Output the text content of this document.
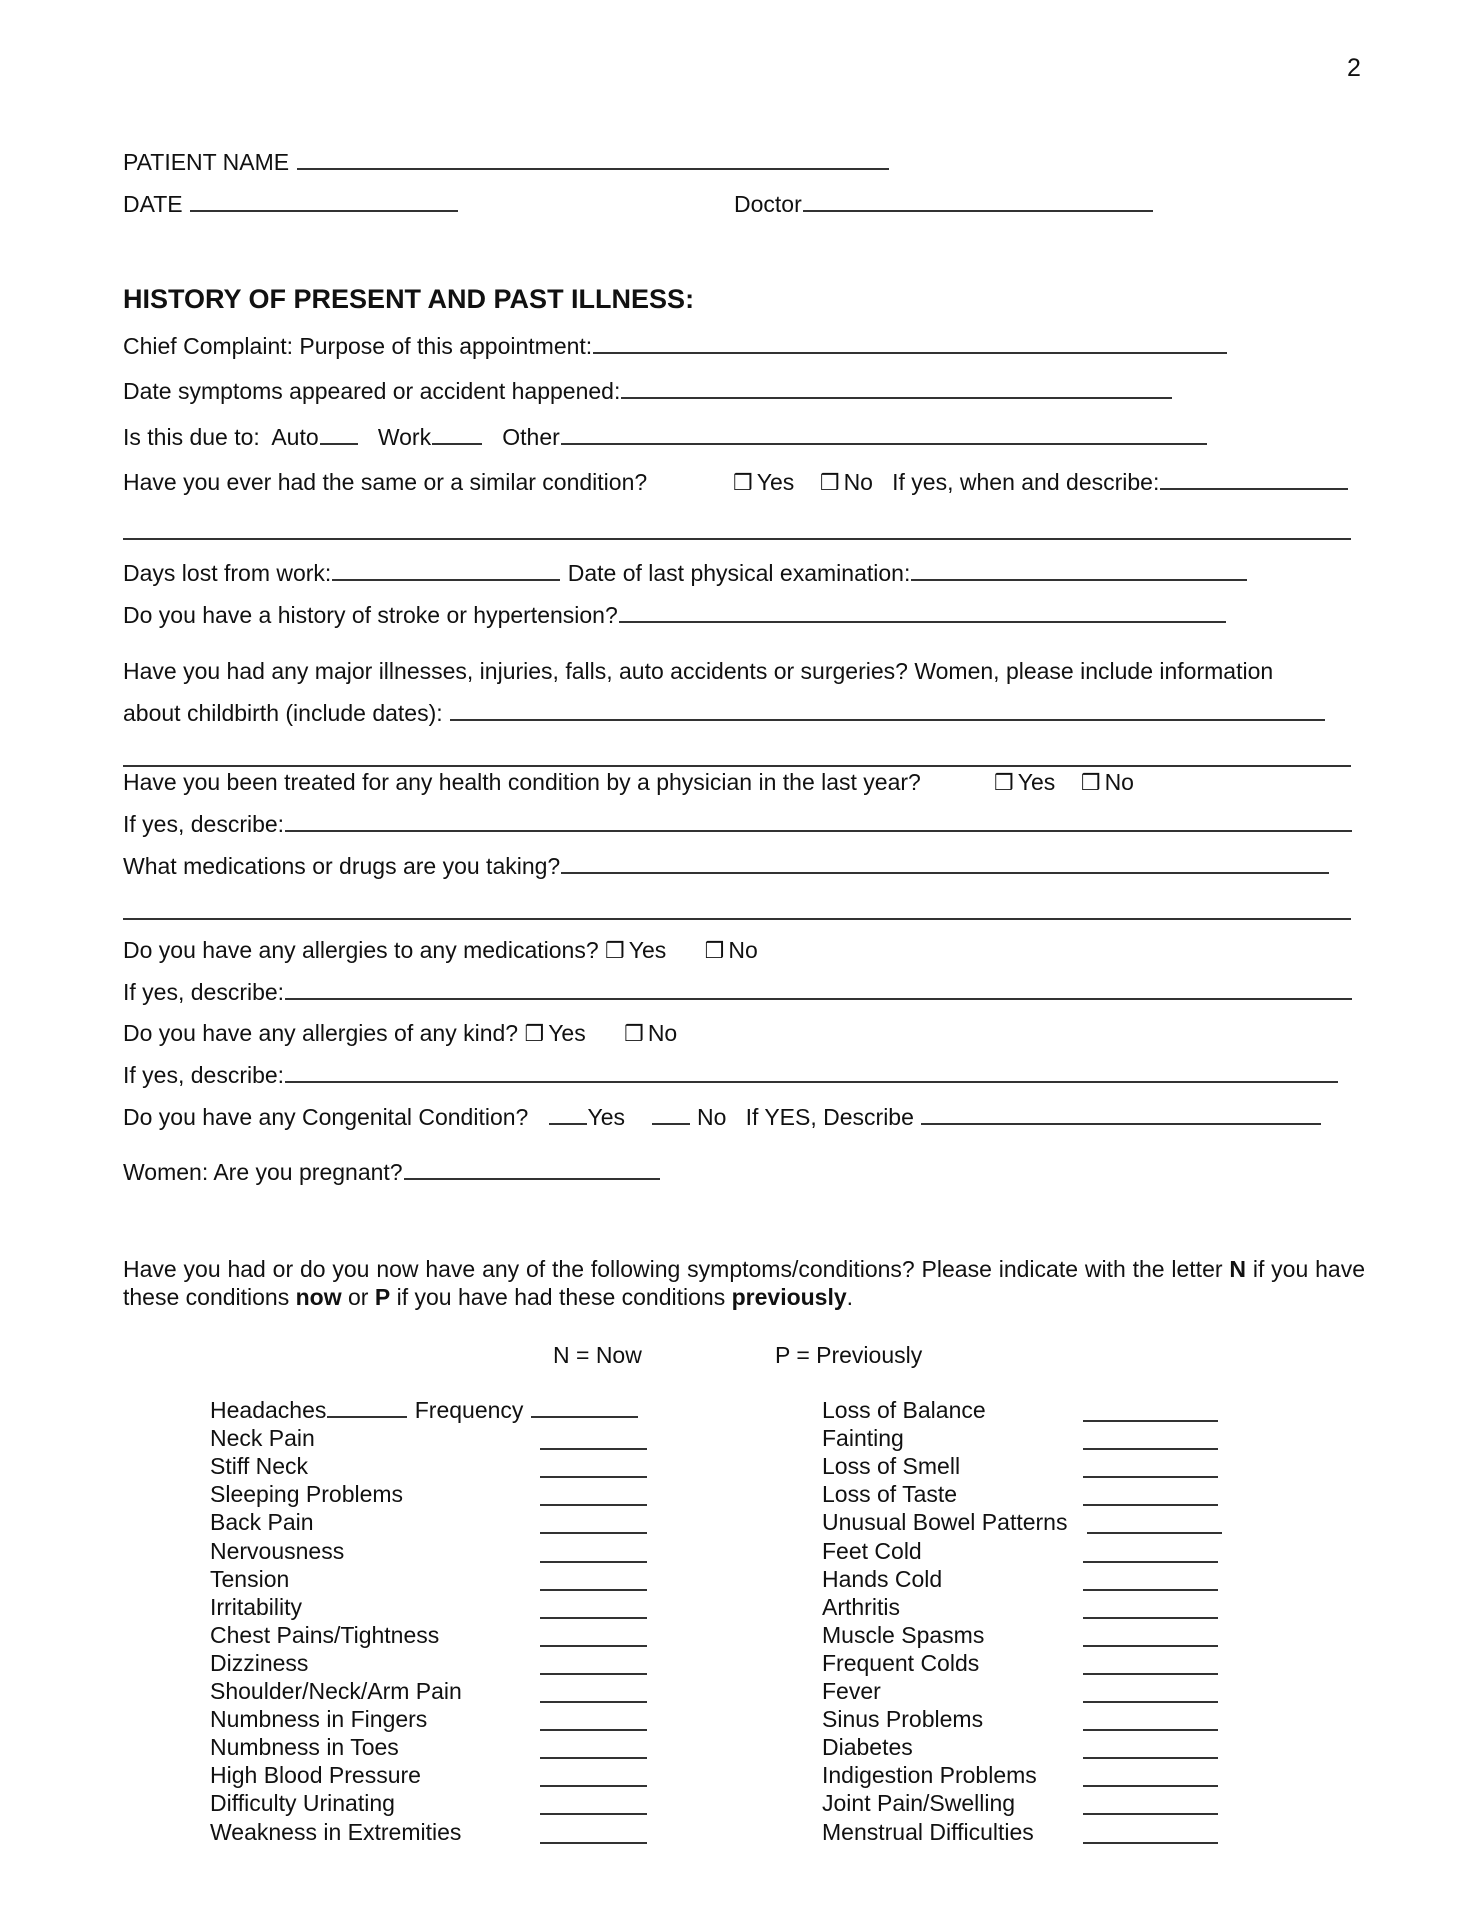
2
PATIENT NAME
DATE	Doctor
HISTORY OF PRESENT AND PAST ILLNESS:
Chief Complaint: Purpose of this appointment:
Date symptoms appeared or accident happened:
Is this due to: Auto	Work	Other
Have you ever had the same or a similar condition?	❒ Yes ❒ No If yes, when and describe:
Days lost from work:	Date of last physical examination:
Do you have a history of stroke or hypertension?
Have you had any major illnesses, injuries, falls, auto accidents or surgeries? Women, please include information
about childbirth (include dates):
Have you been treated for any health condition by a physician in the last year?	❒ Yes ❒ No
If yes, describe:
What medications or drugs are you taking?
Do you have any allergies to any medications? ❒ Yes ❒ No
If yes, describe:
Do you have any allergies of any kind? ❒ Yes ❒ No
If yes, describe:
Do you have any Congenital Condition?	Yes	No If YES, Describe
Women: Are you pregnant?
Have you had or do you now have any of the following symptoms/conditions? Please indicate with the letter N if you have these conditions now or P if you have had these conditions previously.
N = Now	P = Previously
Headaches	Frequency
Neck Pain
Stiff Neck
Sleeping Problems
Back Pain
Nervousness
Tension
Irritability
Chest Pains/Tightness
Dizziness
Shoulder/Neck/Arm Pain
Numbness in Fingers
Numbness in Toes
High Blood Pressure
Difficulty Urinating
Weakness in Extremities
Loss of Balance
Fainting
Loss of Smell
Loss of Taste
Unusual Bowel Patterns
Feet Cold
Hands Cold
Arthritis
Muscle Spasms
Frequent Colds
Fever
Sinus Problems
Diabetes
Indigestion Problems
Joint Pain/Swelling
Menstrual Difficulties
